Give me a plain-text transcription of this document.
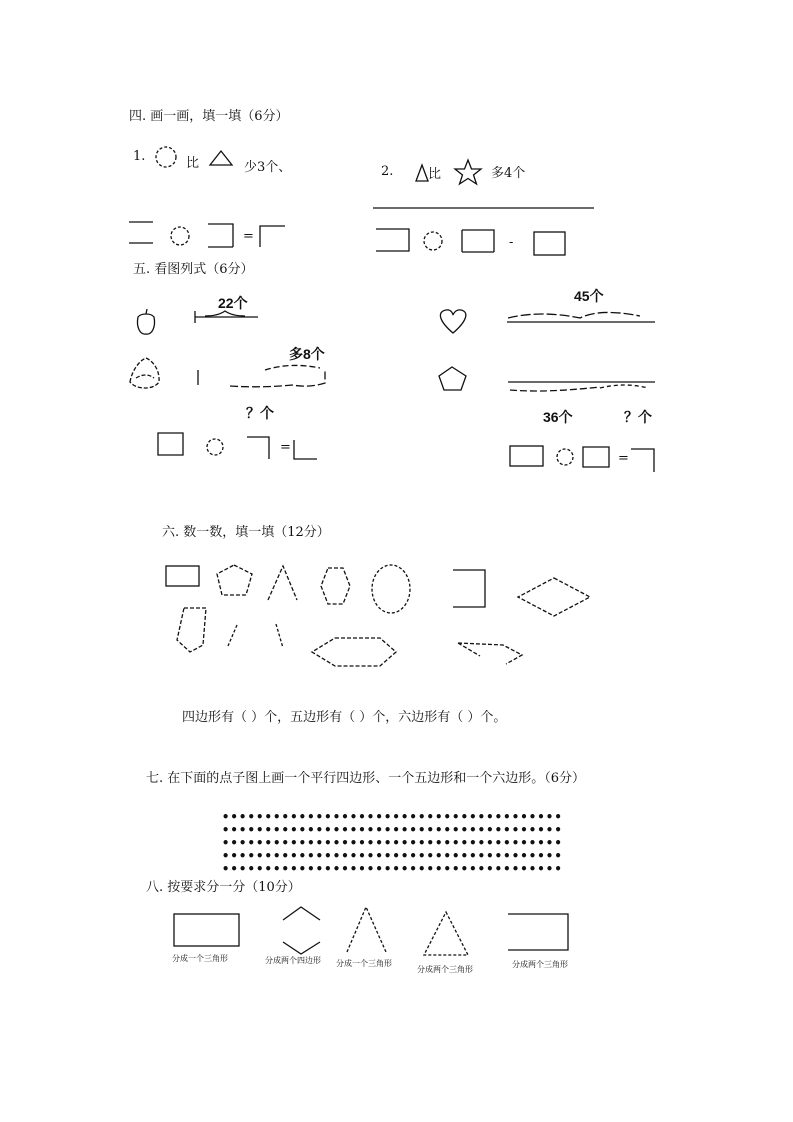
四. 画一画，填一填（6分）
1.	比	少3个、	2.	比	多4个
=	-
五. 看图列式（6分）
22个
多8个
？个
=
45个
36个	？个
=
六. 数一数，填一填（12分）
四边形有（ ）个，五边形有（ ）个，六边形有（ ）个。
七. 在下面的点子图上画一个平行四边形、一个五边形和一个六边形。（6分）
••••••••••••••••••••••••••••••••••••••••
••••••••••••••••••••••••••••••••••••••••
••••••••••••••••••••••••••••••••••••••••
••••••••••••••••••••••••••••••••••••••••
••••••••••••••••••••••••••••••••••••••••
八. 按要求分一分（10分）
分成一个三角形	分成两个四边形 分成一个三角形
分成两个三角形
分成两个三角形
